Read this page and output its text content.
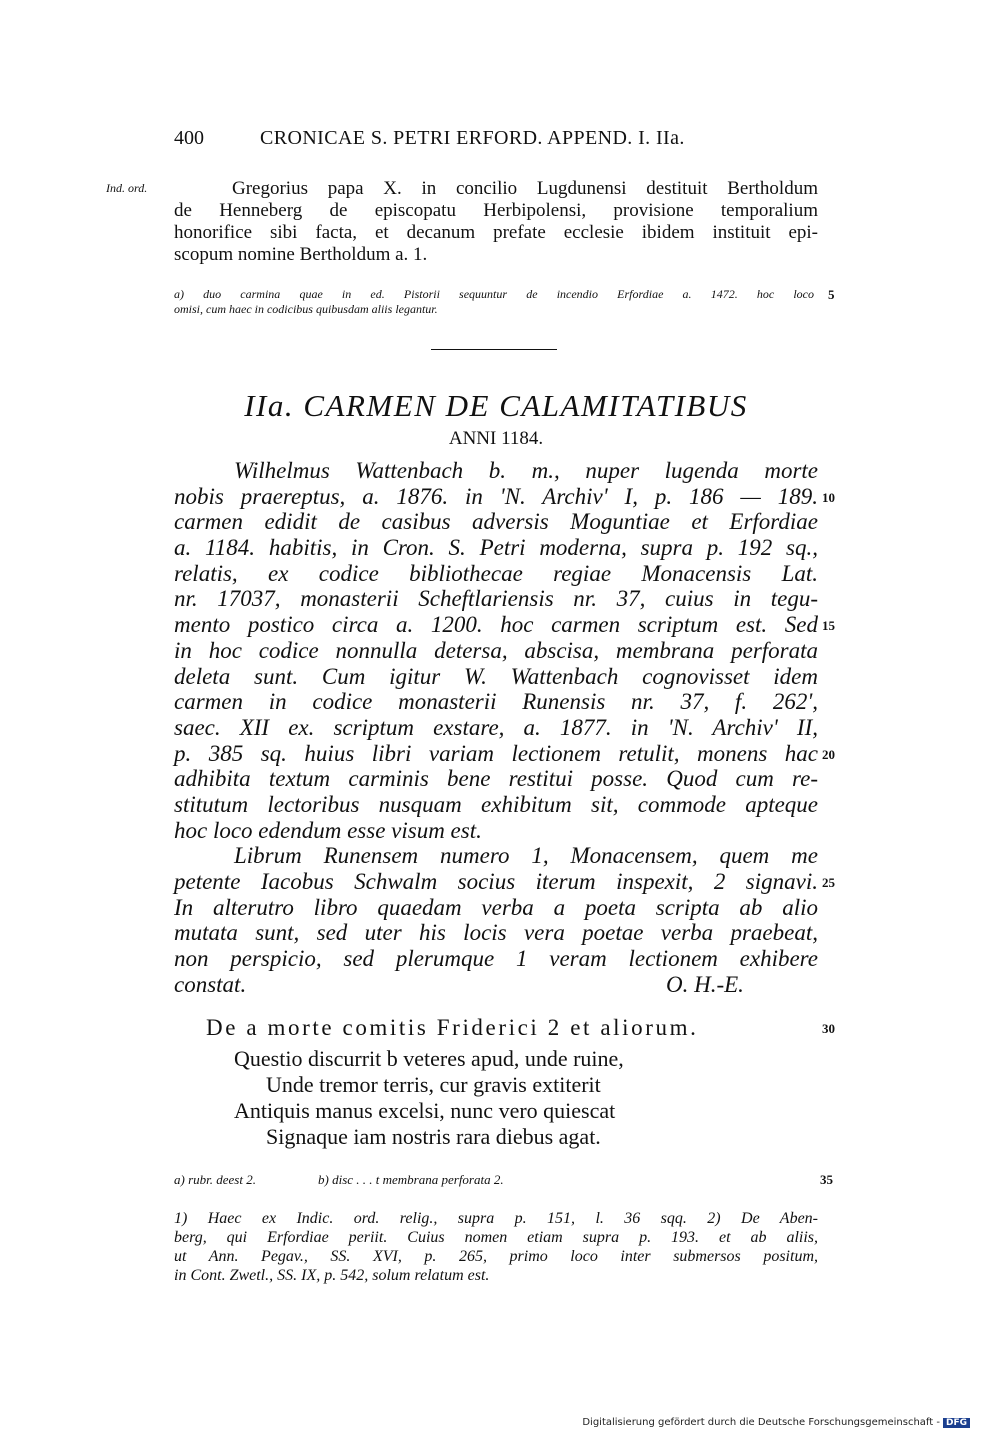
400	CRONICAE S. PETRI ERFORD. APPEND. I. IIa.
Ind. ord.	Gregorius papa X. in concilio Lugdunensi destituit Bertholdum
de Henneberg de episcopatu Herbipolensi, provisione temporalium
honorifice sibi facta, et decanum prefate ecclesie ibidem instituit epi-
scopum nomine Bertholdum a. 1.
a) duo carmina quae in ed. Pistorii sequuntur de incendio Erfordiae a. 1472. hoc loco
omisi, cum haec in codicibus quibusdam aliis legantur.
5
IIa. CARMEN DE CALAMITATIBUS
ANNI 1184.
Wilhelmus Wattenbach b. m., nuper lugenda morte
nobis praereptus, a. 1876. in 'N. Archiv' I, p. 186 — 189.
carmen edidit de casibus adversis Moguntiae et Erfordiae
a. 1184. habitis, in Cron. S. Petri moderna, supra p. 192 sq.,
relatis, ex codice bibliothecae regiae Monacensis Lat.
nr. 17037, monasterii Scheftlariensis nr. 37, cuius in tegu-
mento postico circa a. 1200. hoc carmen scriptum est. Sed
in hoc codice nonnulla detersa, abscisa, membrana perforata
deleta sunt. Cum igitur W. Wattenbach cognovisset idem
carmen in codice monasterii Runensis nr. 37, f. 262',
saec. XII ex. scriptum exstare, a. 1877. in 'N. Archiv' II,
p. 385 sq. huius libri variam lectionem retulit, monens hac
adhibita textum carminis bene restitui posse. Quod cum re-
stitutum lectoribus nusquam exhibitum sit, commode apteque
hoc loco edendum esse visum est.
Librum Runensem numero 1, Monacensem, quem me
petente Iacobus Schwalm socius iterum inspexit, 2 signavi.
In alterutro libro quaedam verba a poeta scripta ab alio
mutata sunt, sed uter his locis vera poetae verba praebeat,
non perspicio, sed plerumque 1 veram lectionem exhibere
constat.	O. H.-E.
10
15
20
25
De a morte comitis Friderici 2 et aliorum.	30
Questio discurrit b veteres apud, unde ruine,
Unde tremor terris, cur gravis extiterit
Antiquis manus excelsi, nunc vero quiescat
Signaque iam nostris rara diebus agat.
a) rubr. deest 2.	b) disc . . . t membrana perforata 2.	35
1) Haec ex Indic. ord. relig., supra p. 151, l. 36 sqq. 2) De Aben-
berg, qui Erfordiae periit. Cuius nomen etiam supra p. 193. et ab aliis,
ut Ann. Pegav., SS. XVI, p. 265, primo loco inter submersos positum,
in Cont. Zwetl., SS. IX, p. 542, solum relatum est.
Digitalisierung gefördert durch die Deutsche Forschungsgemeinschaft - DFG
